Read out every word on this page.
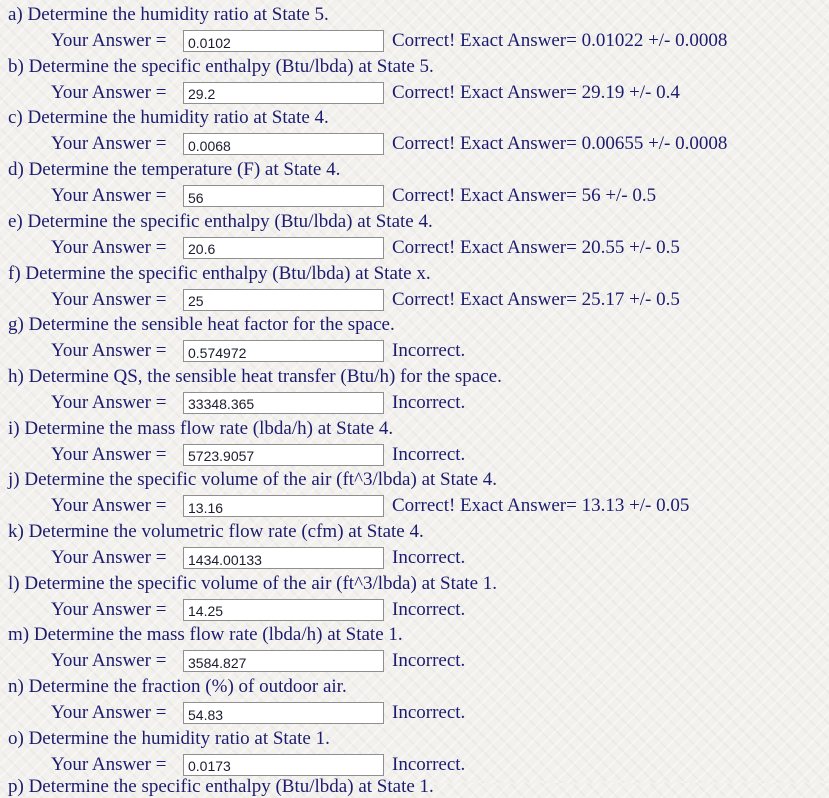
a) Determine the humidity ratio at State 5.
Your Answer =
0.0102	Correct! Exact Answer= 0.01022 +/- 0.0008
b) Determine the specific enthalpy (Btu/lbda) at State 5.
Your Answer =
29.2	Correct! Exact Answer= 29.19 +/- 0.4
c) Determine the humidity ratio at State 4.
Your Answer =
0.0068	Correct! Exact Answer= 0.00655 +/- 0.0008
d) Determine the temperature (F) at State 4.
Your Answer =
56	Correct! Exact Answer= 56 +/- 0.5
e) Determine the specific enthalpy (Btu/lbda) at State 4.
Your Answer =
20.6	Correct! Exact Answer= 20.55 +/- 0.5
f) Determine the specific enthalpy (Btu/lbda) at State x.
Your Answer =
25	Correct! Exact Answer= 25.17 +/- 0.5
g) Determine the sensible heat factor for the space.
Your Answer =
0.574972	Incorrect.
h) Determine QS, the sensible heat transfer (Btu/h) for the space.
Your Answer =
33348.365	Incorrect.
i) Determine the mass flow rate (lbda/h) at State 4.
Your Answer =
5723.9057	Incorrect.
j) Determine the specific volume of the air (ft^3/lbda) at State 4.
Your Answer =
13.16	Correct! Exact Answer= 13.13 +/- 0.05
k) Determine the volumetric flow rate (cfm) at State 4.
Your Answer =
1434.00133	Incorrect.
l) Determine the specific volume of the air (ft^3/lbda) at State 1.
Your Answer =
14.25	Incorrect.
m) Determine the mass flow rate (lbda/h) at State 1.
Your Answer =
3584.827	Incorrect.
n) Determine the fraction (%) of outdoor air.
Your Answer =
54.83	Incorrect.
o) Determine the humidity ratio at State 1.
Your Answer =
0.0173	Incorrect.
p) Determine the specific enthalpy (Btu/lbda) at State 1.
